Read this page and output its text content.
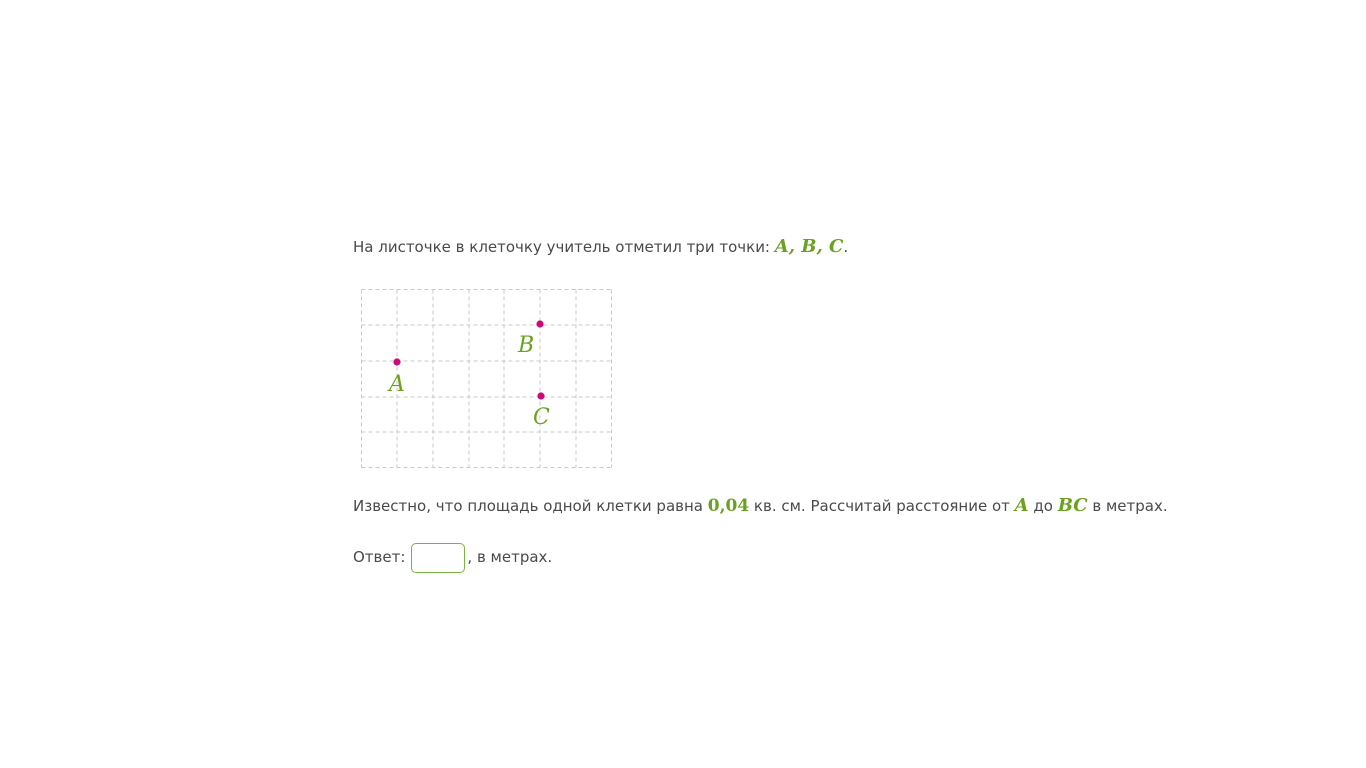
На листочке в клеточку учитель отметил три точки: A, B, C.
A
B
C
Известно, что площадь одной клетки равна 0,04 кв. см. Рассчитай расстояние от A до BC в метрах.
Ответ:	, в метрах.
